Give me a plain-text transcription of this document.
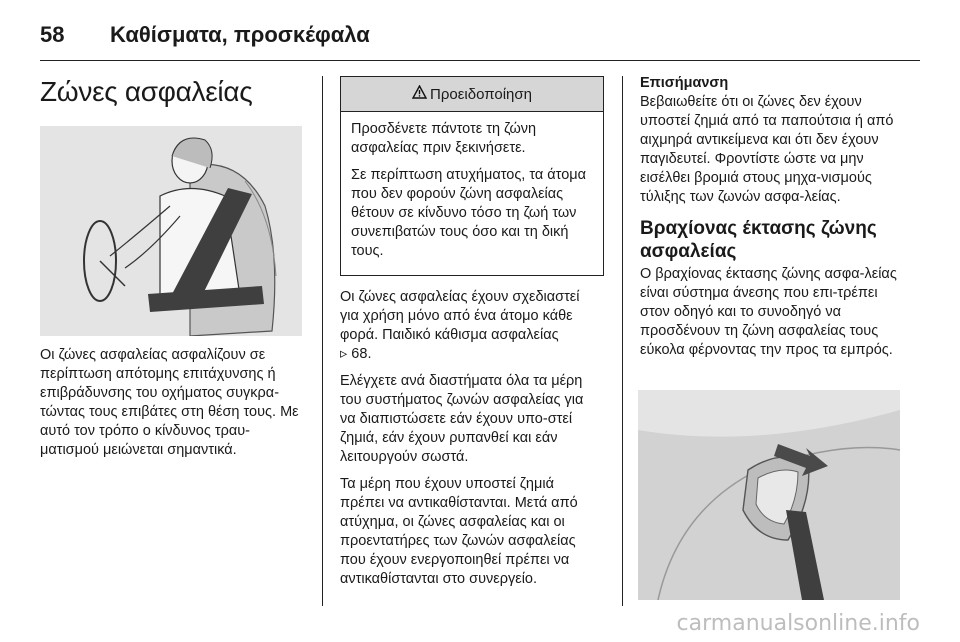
58 Καθίσματα, προσκέφαλα
Ζώνες ασφαλείας

Οι ζώνες ασφαλείας ασφαλίζουν σε περίπτωση απότομης επιτάχυνσης ή επιβράδυνσης του οχήματος συγκρα-τώντας τους επιβάτες στη θέση τους. Με αυτό τον τρόπο ο κίνδυνος τραυ-ματισμού μειώνεται σημαντικά.

Προειδοποίηση

Προσδένετε πάντοτε τη ζώνη ασφαλείας πριν ξεκινήσετε.

Σε περίπτωση ατυχήματος, τα άτομα που δεν φορούν ζώνη ασφαλείας θέτουν σε κίνδυνο τόσο τη ζωή των συνεπιβατών τους όσο και τη δική τους.

Οι ζώνες ασφαλείας έχουν σχεδιαστεί για χρήση μόνο από ένα άτομο κάθε φορά. Παιδικό κάθισμα ασφαλείας
▹ 68.

Ελέγχετε ανά διαστήματα όλα τα μέρη του συστήματος ζωνών ασφαλείας για να διαπιστώσετε εάν έχουν υπο-στεί ζημιά, εάν έχουν ρυπανθεί και εάν λειτουργούν σωστά.

Τα μέρη που έχουν υποστεί ζημιά πρέπει να αντικαθίστανται. Μετά από ατύχημα, οι ζώνες ασφαλείας και οι προεντατήρες των ζωνών ασφαλείας που έχουν ενεργοποιηθεί πρέπει να αντικαθίστανται στο συνεργείο.

Επισήμανση

Βεβαιωθείτε ότι οι ζώνες δεν έχουν υποστεί ζημιά από τα παπούτσια ή από αιχμηρά αντικείμενα και ότι δεν έχουν παγιδευτεί. Φροντίστε ώστε να μην εισέλθει βρομιά στους μηχα-νισμούς τύλιξης των ζωνών ασφα-λείας.

Βραχίονας έκτασης ζώνης ασφαλείας

Ο βραχίονας έκτασης ζώνης ασφα-λείας είναι σύστημα άνεσης που επι-τρέπει στον οδηγό και το συνοδηγό να προσδένουν τη ζώνη ασφαλείας τους εύκολα φέρνοντας την προς τα εμπρός.

carmanualsonline.info
